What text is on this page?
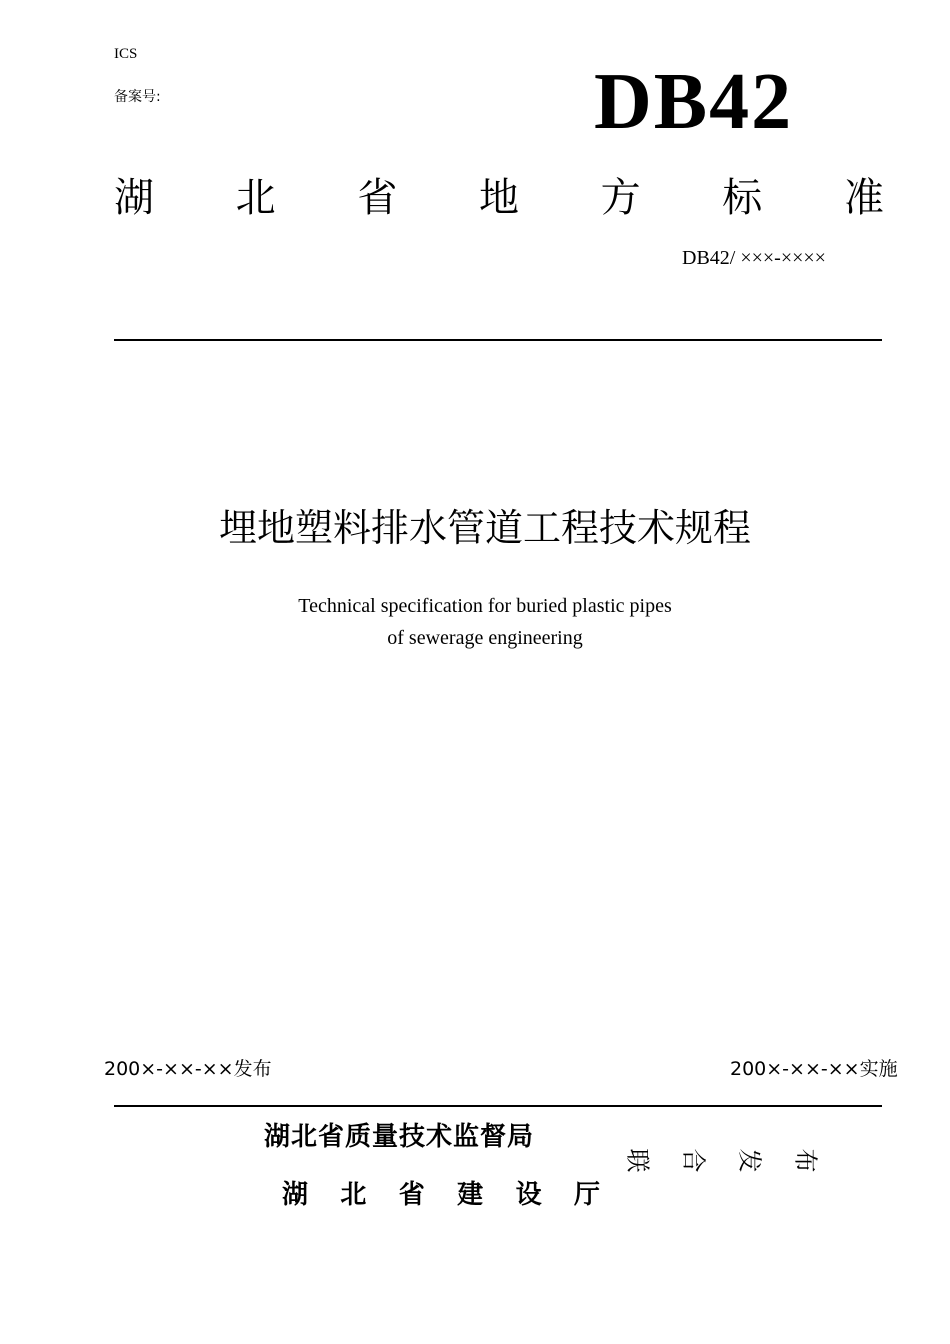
ICS
备案号:	DB42
湖 北 省 地 方 标 准
DB42/ ×××-××××
埋地塑料排水管道工程技术规程
Technical specification for buried plastic pipes
of sewerage engineering
200×-××-××发布	200×-××-××实施
湖北省质量技术监督局
湖 北 省 建 设 厅
联 合 发 布
